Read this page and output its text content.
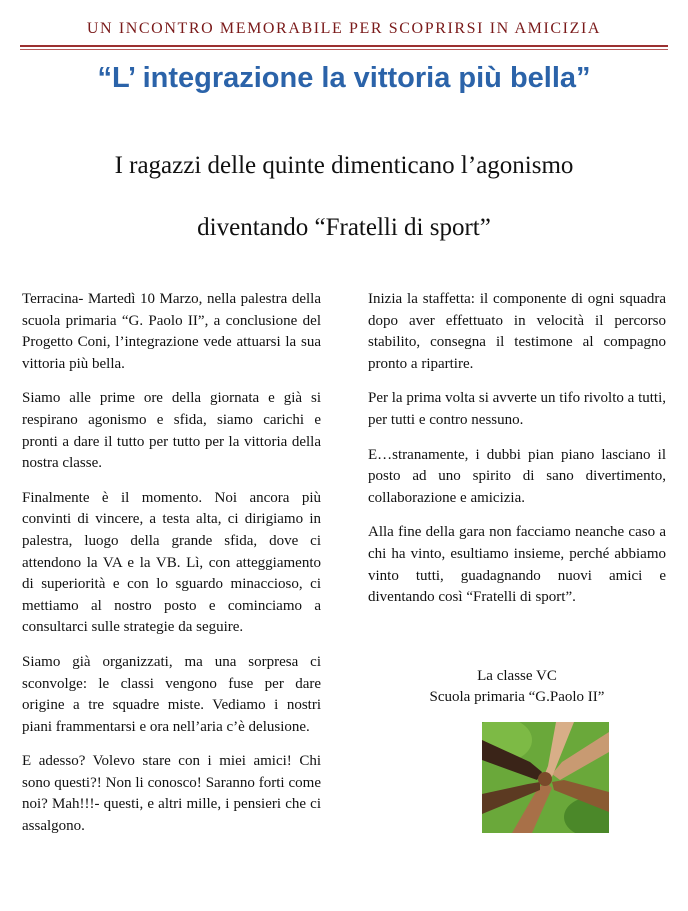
UN INCONTRO MEMORABILE PER SCOPRIRSI IN AMICIZIA
“L’ integrazione la vittoria più bella”
I ragazzi delle quinte dimenticano l’agonismo
diventando “Fratelli di sport”

Terracina- Martedì 10 Marzo, nella palestra della scuola primaria “G. Paolo II”, a conclusione del Progetto Coni, l’integrazione vede attuarsi la sua vittoria più bella.

Siamo alle prime ore della giornata e già si respirano agonismo e sfida, siamo carichi e pronti a dare il tutto per tutto per la vittoria della nostra classe.

Finalmente è il momento. Noi ancora più convinti di vincere, a testa alta, ci dirigiamo in palestra, luogo della grande sfida, dove ci attendono la VA e la VB. Lì, con atteggiamento di superiorità e con lo sguardo minaccioso, ci mettiamo al nostro posto e cominciamo a consultarci sulle strategie da seguire.

Siamo già organizzati, ma una sorpresa ci sconvolge: le classi vengono fuse per dare origine a tre squadre miste. Vediamo i nostri piani frammentarsi e ora nell’aria c’è delusione.

E adesso? Volevo stare con i miei amici! Chi sono questi?! Non li conosco! Saranno forti come noi? Mah!!!- questi, e altri mille, i pensieri che ci assalgono.

Inizia la staffetta: il componente di ogni squadra dopo aver effettuato in velocità il percorso stabilito, consegna il testimone al compagno pronto a ripartire.

Per la prima volta si avverte un tifo rivolto a tutti, per tutti e contro nessuno.

E…stranamente, i dubbi pian piano lasciano il posto ad uno spirito di sano divertimento, collaborazione e amicizia.

Alla fine della gara non facciamo neanche caso a chi ha vinto, esultiamo insieme, perché abbiamo vinto tutti, guadagnando nuovi amici e diventando così “Fratelli di sport”.

La classe VC
Scuola primaria “G.Paolo II”
